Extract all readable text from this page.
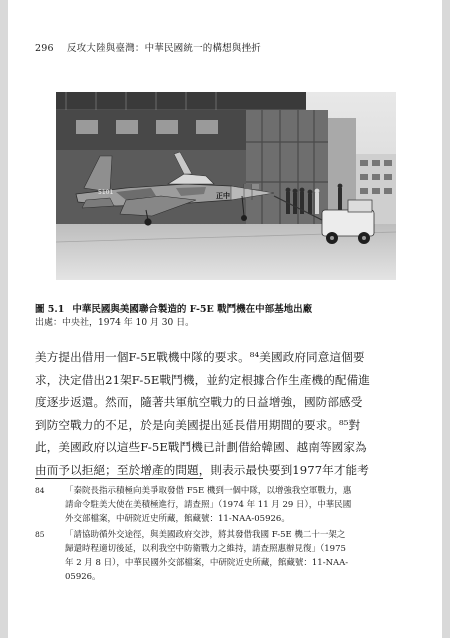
296 反攻大陸與臺灣：中華民國統一的構想與挫折
5101	正中
圖 5.1 中華民國與美國聯合製造的 F-5E 戰鬥機在中部基地出廠
出處：中央社，1974 年 10 月 30 日。
美方提出借用一個F-5E戰機中隊的要求。⁸⁴美國政府同意這個要
求，決定借出21架F-5E戰鬥機，並約定根據合作生產機的配備進
度逐步返還。然而，隨著共軍航空戰力的日益增強，國防部感受
到防空戰力的不足，於是向美國提出延長借用期間的要求。⁸⁵對
此，美國政府以這些F-5E戰鬥機已計劃借給韓國、越南等國家為
由而予以拒絕；至於增產的問題，則表示最快要到1977年才能考
84	「秦院長指示積極向美爭取發借 F5E 機到一個中隊，以增強我空軍戰力，惠
請命令駐美大使在美積極進行，請查照」（1974 年 11 月 29 日），中華民國
外交部檔案，中研院近史所藏，館藏號：11-NAA-05926。
85	「請協助循外交途徑，與美國政府交涉，將其發借我國 F-5E 機二十一架之
歸還時程適切後延，以利我空中防衛戰力之維持，請查照惠辦見復」（1975
年 2 月 8 日），中華民國外交部檔案，中研院近史所藏，館藏號：11-NAA-
05926。
